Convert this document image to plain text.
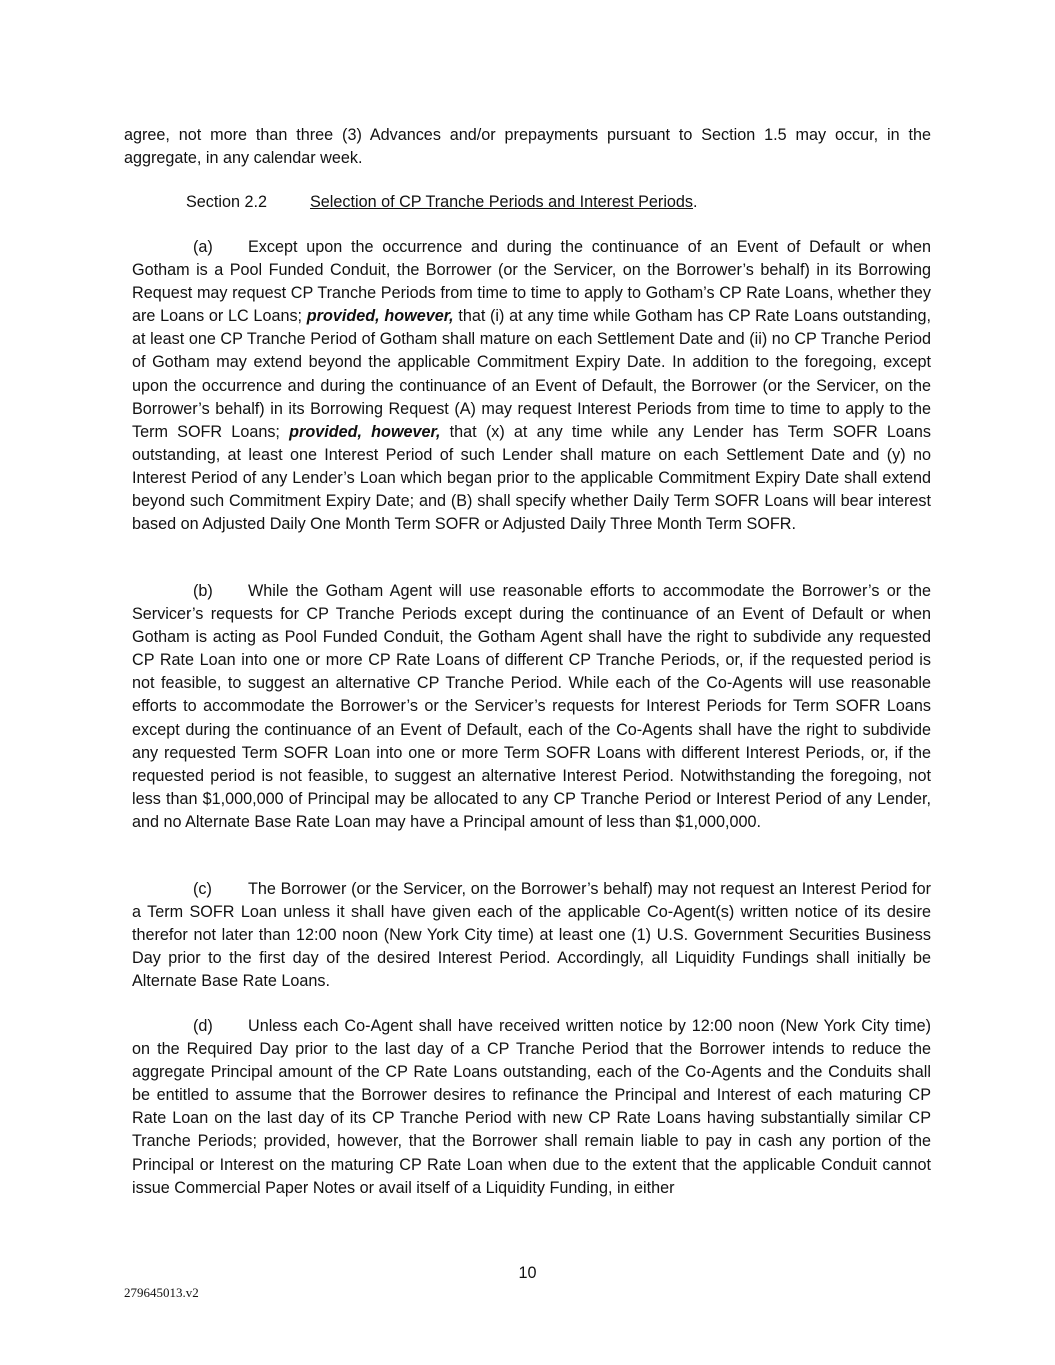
agree, not more than three (3) Advances and/or prepayments pursuant to Section 1.5 may occur, in the aggregate, in any calendar week.

Section 2.2	Selection of CP Tranche Periods and Interest Periods.

(a) Except upon the occurrence and during the continuance of an Event of Default or when Gotham is a Pool Funded Conduit, the Borrower (or the Servicer, on the Borrower’s behalf) in its Borrowing Request may request CP Tranche Periods from time to time to apply to Gotham’s CP Rate Loans, whether they are Loans or LC Loans; provided, however, that (i) at any time while Gotham has CP Rate Loans outstanding, at least one CP Tranche Period of Gotham shall mature on each Settlement Date and (ii) no CP Tranche Period of Gotham may extend beyond the applicable Commitment Expiry Date. In addition to the foregoing, except upon the occurrence and during the continuance of an Event of Default, the Borrower (or the Servicer, on the Borrower’s behalf) in its Borrowing Request (A) may request Interest Periods from time to time to apply to the Term SOFR Loans; provided, however, that (x) at any time while any Lender has Term SOFR Loans outstanding, at least one Interest Period of such Lender shall mature on each Settlement Date and (y) no Interest Period of any Lender’s Loan which began prior to the applicable Commitment Expiry Date shall extend beyond such Commitment Expiry Date; and (B) shall specify whether Daily Term SOFR Loans will bear interest based on Adjusted Daily One Month Term SOFR or Adjusted Daily Three Month Term SOFR.

(b) While the Gotham Agent will use reasonable efforts to accommodate the Borrower’s or the Servicer’s requests for CP Tranche Periods except during the continuance of an Event of Default or when Gotham is acting as Pool Funded Conduit, the Gotham Agent shall have the right to subdivide any requested CP Rate Loan into one or more CP Rate Loans of different CP Tranche Periods, or, if the requested period is not feasible, to suggest an alternative CP Tranche Period. While each of the Co-Agents will use reasonable efforts to accommodate the Borrower’s or the Servicer’s requests for Interest Periods for Term SOFR Loans except during the continuance of an Event of Default, each of the Co-Agents shall have the right to subdivide any requested Term SOFR Loan into one or more Term SOFR Loans with different Interest Periods, or, if the requested period is not feasible, to suggest an alternative Interest Period. Notwithstanding the foregoing, not less than $1,000,000 of Principal may be allocated to any CP Tranche Period or Interest Period of any Lender, and no Alternate Base Rate Loan may have a Principal amount of less than $1,000,000.

(c) The Borrower (or the Servicer, on the Borrower’s behalf) may not request an Interest Period for a Term SOFR Loan unless it shall have given each of the applicable Co-Agent(s) written notice of its desire therefor not later than 12:00 noon (New York City time) at least one (1) U.S. Government Securities Business Day prior to the first day of the desired Interest Period. Accordingly, all Liquidity Fundings shall initially be Alternate Base Rate Loans.

(d) Unless each Co-Agent shall have received written notice by 12:00 noon (New York City time) on the Required Day prior to the last day of a CP Tranche Period that the Borrower intends to reduce the aggregate Principal amount of the CP Rate Loans outstanding, each of the Co-Agents and the Conduits shall be entitled to assume that the Borrower desires to refinance the Principal and Interest of each maturing CP Rate Loan on the last day of its CP Tranche Period with new CP Rate Loans having substantially similar CP Tranche Periods; provided, however, that the Borrower shall remain liable to pay in cash any portion of the Principal or Interest on the maturing CP Rate Loan when due to the extent that the applicable Conduit cannot issue Commercial Paper Notes or avail itself of a Liquidity Funding, in either

10
279645013.v2
